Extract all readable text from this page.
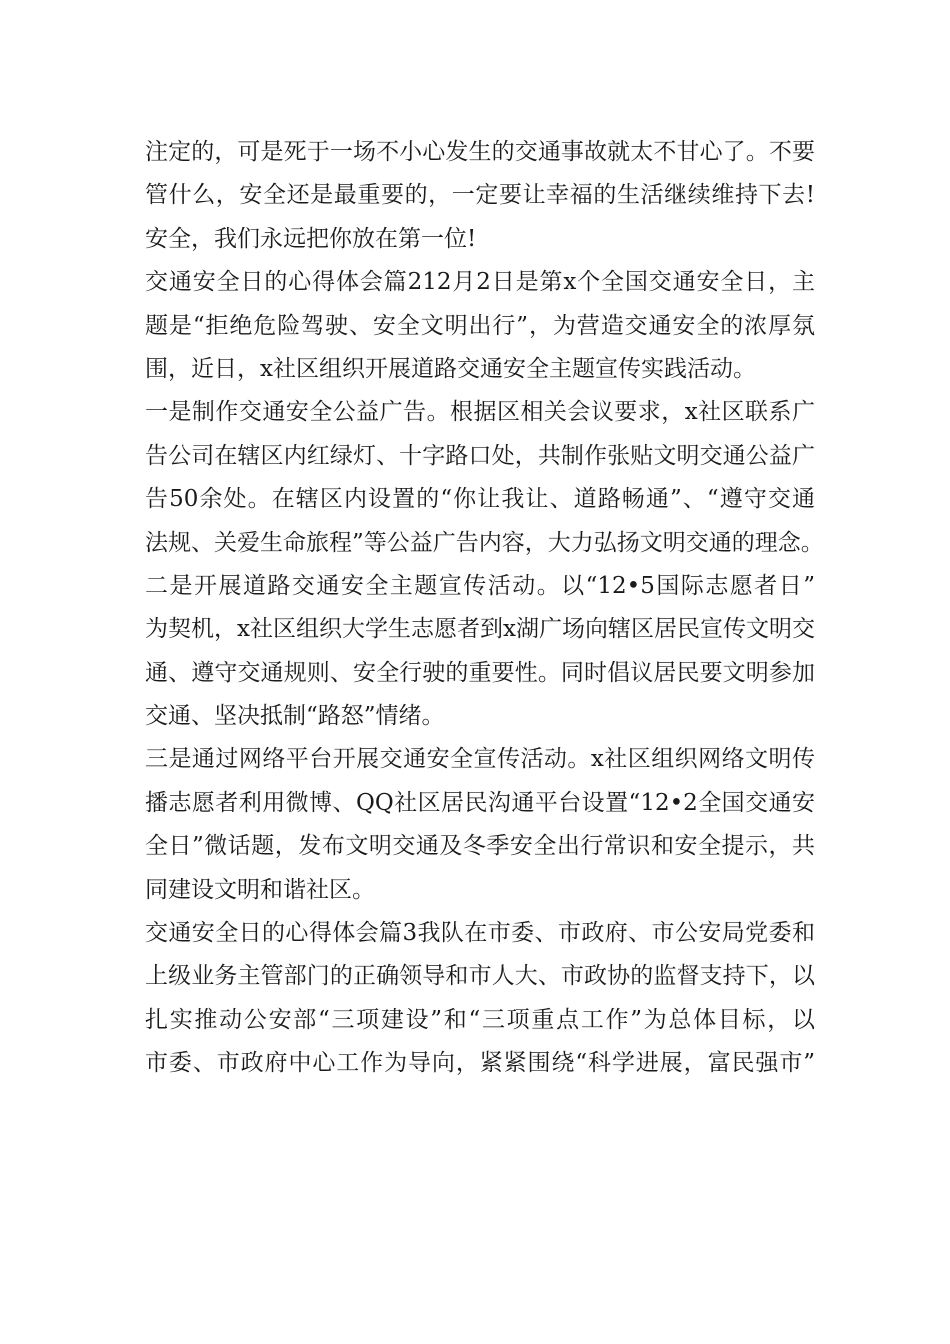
注定的，可是死于一场不小心发生的交通事故就太不甘心了。不要
管什么，安全还是最重要的，一定要让幸福的生活继续维持下去!
安全，我们永远把你放在第一位!
交通安全日的心得体会篇212月2日是第x个全国交通安全日，主
题是“拒绝危险驾驶、安全文明出行”，为营造交通安全的浓厚氛
围，近日，x社区组织开展道路交通安全主题宣传实践活动。
一是制作交通安全公益广告。根据区相关会议要求，x社区联系广
告公司在辖区内红绿灯、十字路口处，共制作张贴文明交通公益广
告50余处。在辖区内设置的“你让我让、道路畅通”、“遵守交通
法规、关爱生命旅程”等公益广告内容，大力弘扬文明交通的理念。
二是开展道路交通安全主题宣传活动。以“12•5国际志愿者日”
为契机，x社区组织大学生志愿者到x湖广场向辖区居民宣传文明交
通、遵守交通规则、安全行驶的重要性。同时倡议居民要文明参加
交通、坚决抵制“路怒”情绪。
三是通过网络平台开展交通安全宣传活动。x社区组织网络文明传
播志愿者利用微博、QQ社区居民沟通平台设置“12•2全国交通安
全日”微话题，发布文明交通及冬季安全出行常识和安全提示，共
同建设文明和谐社区。
交通安全日的心得体会篇3我队在市委、市政府、市公安局党委和
上级业务主管部门的正确领导和市人大、市政协的监督支持下，以
扎实推动公安部“三项建设”和“三项重点工作”为总体目标，以
市委、市政府中心工作为导向，紧紧围绕“科学进展，富民强市”
